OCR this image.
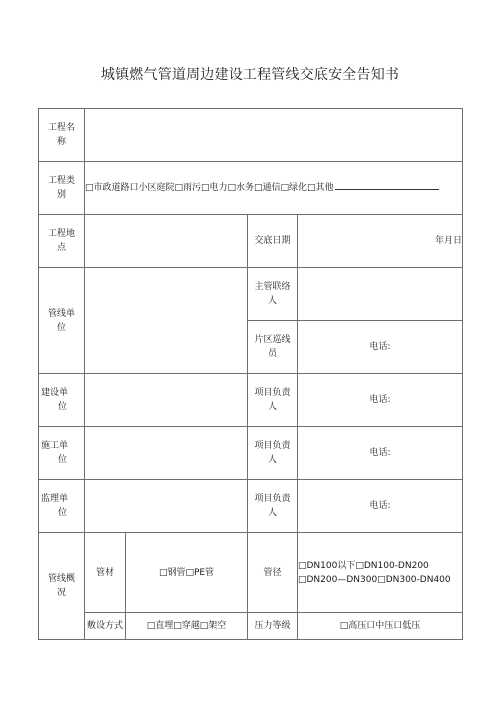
城镇燃气管道周边建设工程管线交底安全告知书
工程名
称				

工程类
别	□市政道路口小区庭院□雨污□电力□水务□通信□绿化□其他			

工程地
点			交底日期	年月日

管线单
位			主管联络
人	

			片区巡线
员	电话:

建设单
位			项目负责
人	电话:

施工单
位			项目负责
人	电话:

监理单
位			项目负责
人	电话:

管线概
况	管材	□钢管□PE管	管径	□DN100以下□DN100-DN200
□DN200—DN300□DN300-DN400

	敷设方式	□直埋□穿越□架空	压力等级	□高压口中压口低压
